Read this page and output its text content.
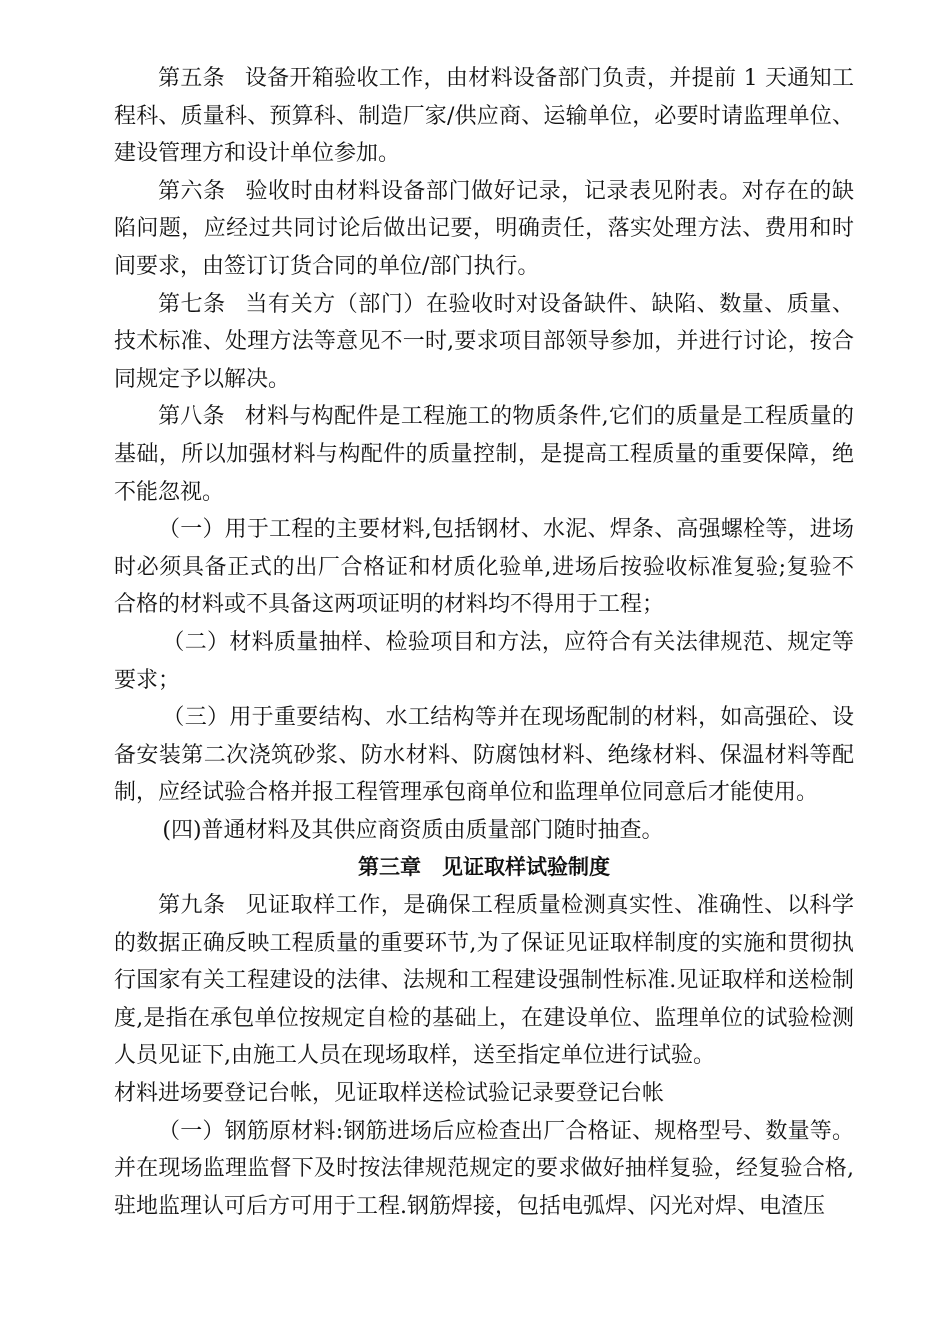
第五条 设备开箱验收工作，由材料设备部门负责，并提前 1 天通知工程科、质量科、预算科、制造厂家/供应商、运输单位，必要时请监理单位、建设管理方和设计单位参加。

第六条 验收时由材料设备部门做好记录，记录表见附表。对存在的缺陷问题，应经过共同讨论后做出记要，明确责任，落实处理方法、费用和时间要求，由签订订货合同的单位/部门执行。

第七条 当有关方（部门）在验收时对设备缺件、缺陷、数量、质量、技术标准、处理方法等意见不一时,要求项目部领导参加，并进行讨论，按合同规定予以解决。

第八条 材料与构配件是工程施工的物质条件,它们的质量是工程质量的基础，所以加强材料与构配件的质量控制，是提高工程质量的重要保障，绝不能忽视。

（一）用于工程的主要材料,包括钢材、水泥、焊条、高强螺栓等，进场时必须具备正式的出厂合格证和材质化验单,进场后按验收标准复验;复验不合格的材料或不具备这两项证明的材料均不得用于工程；

（二）材料质量抽样、检验项目和方法，应符合有关法律规范、规定等要求；

（三）用于重要结构、水工结构等并在现场配制的材料，如高强砼、设备安装第二次浇筑砂浆、防水材料、防腐蚀材料、绝缘材料、保温材料等配制，应经试验合格并报工程管理承包商单位和监理单位同意后才能使用。

(四)普通材料及其供应商资质由质量部门随时抽查。

第三章　见证取样试验制度

第九条 见证取样工作，是确保工程质量检测真实性、准确性、以科学的数据正确反映工程质量的重要环节,为了保证见证取样制度的实施和贯彻执行国家有关工程建设的法律、法规和工程建设强制性标准.见证取样和送检制度,是指在承包单位按规定自检的基础上，在建设单位、监理单位的试验检测人员见证下,由施工人员在现场取样，送至指定单位进行试验。

材料进场要登记台帐，见证取样送检试验记录要登记台帐

（一）钢筋原材料:钢筋进场后应检查出厂合格证、规格型号、数量等。并在现场监理监督下及时按法律规范规定的要求做好抽样复验，经复验合格,驻地监理认可后方可用于工程.钢筋焊接，包括电弧焊、闪光对焊、电渣压
